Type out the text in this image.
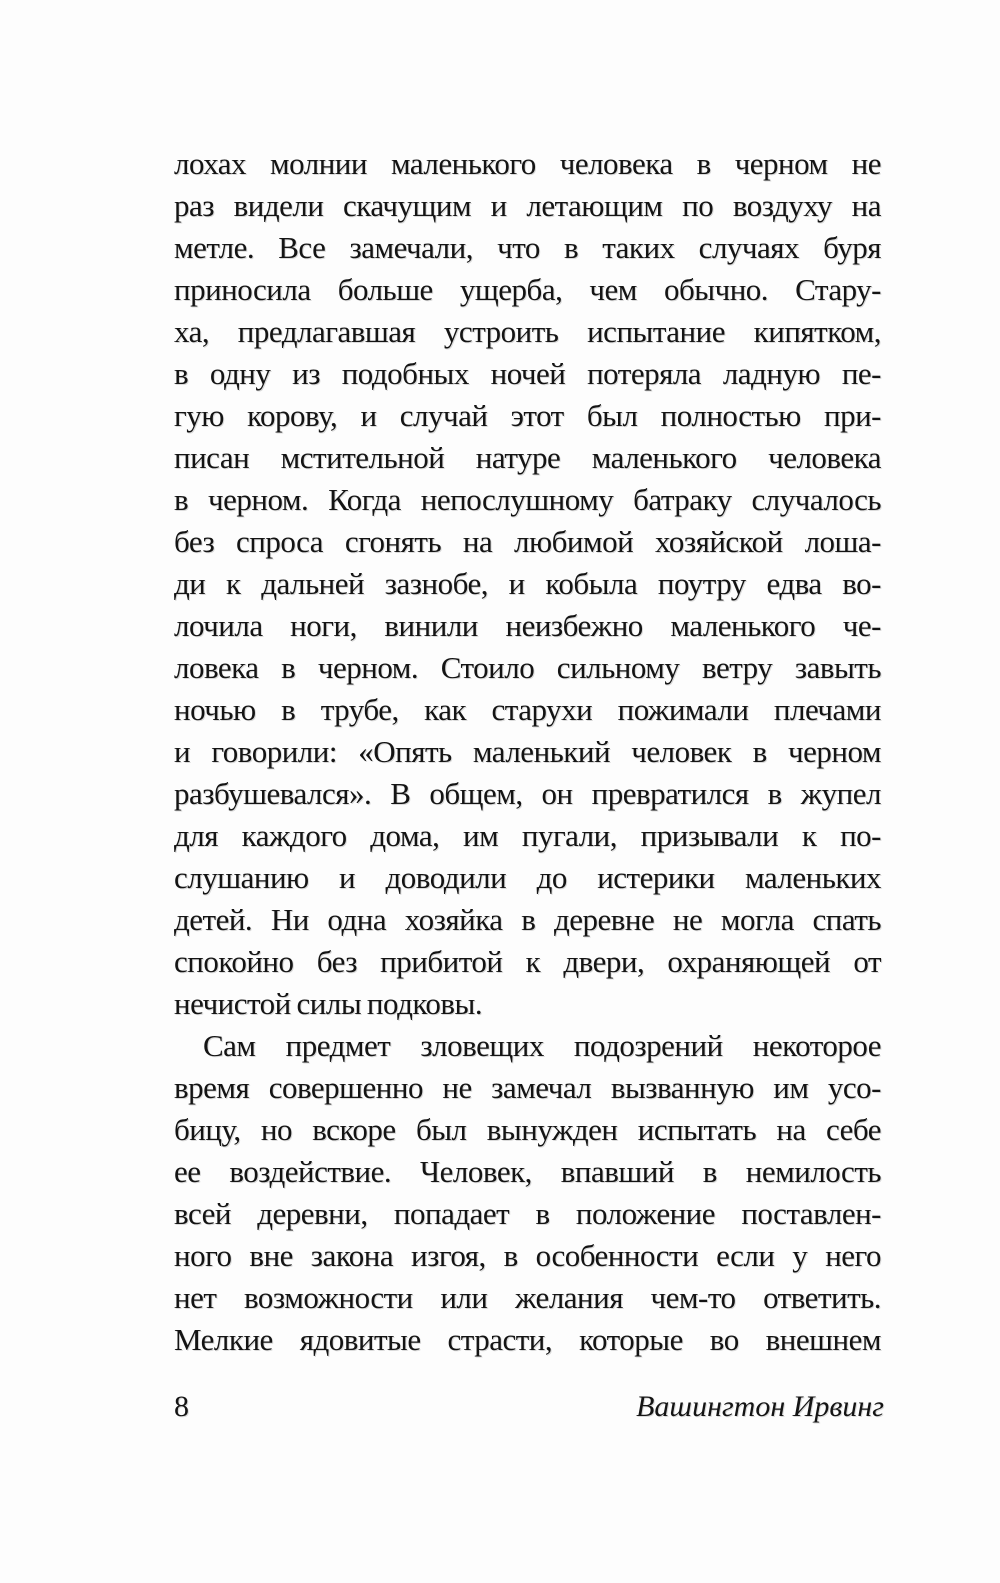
лохах молнии маленького человека в черном не
раз видели скачущим и летающим по воздуху на
метле. Все замечали, что в таких случаях буря
приносила больше ущерба, чем обычно. Стару-
ха, предлагавшая устроить испытание кипятком,
в одну из подобных ночей потеряла ладную пе-
гую корову, и случай этот был полностью при-
писан мстительной натуре маленького человека
в черном. Когда непослушному батраку случалось
без спроса сгонять на любимой хозяйской лоша-
ди к дальней зазнобе, и кобыла поутру едва во-
лочила ноги, винили неизбежно маленького че-
ловека в черном. Стоило сильному ветру завыть
ночью в трубе, как старухи пожимали плечами
и говорили: «Опять маленький человек в черном
разбушевался». В общем, он превратился в жупел
для каждого дома, им пугали, призывали к по-
слушанию и доводили до истерики маленьких
детей. Ни одна хозяйка в деревне не могла спать
спокойно без прибитой к двери, охраняющей от
нечистой силы подковы.

Сам предмет зловещих подозрений некоторое
время совершенно не замечал вызванную им усо-
бицу, но вскоре был вынужден испытать на себе
ее воздействие. Человек, впавший в немилость
всей деревни, попадает в положение поставлен-
ного вне закона изгоя, в особенности если у него
нет возможности или желания чем-то ответить.
Мелкие ядовитые страсти, которые во внешнем

8	Вашингтон Ирвинг
